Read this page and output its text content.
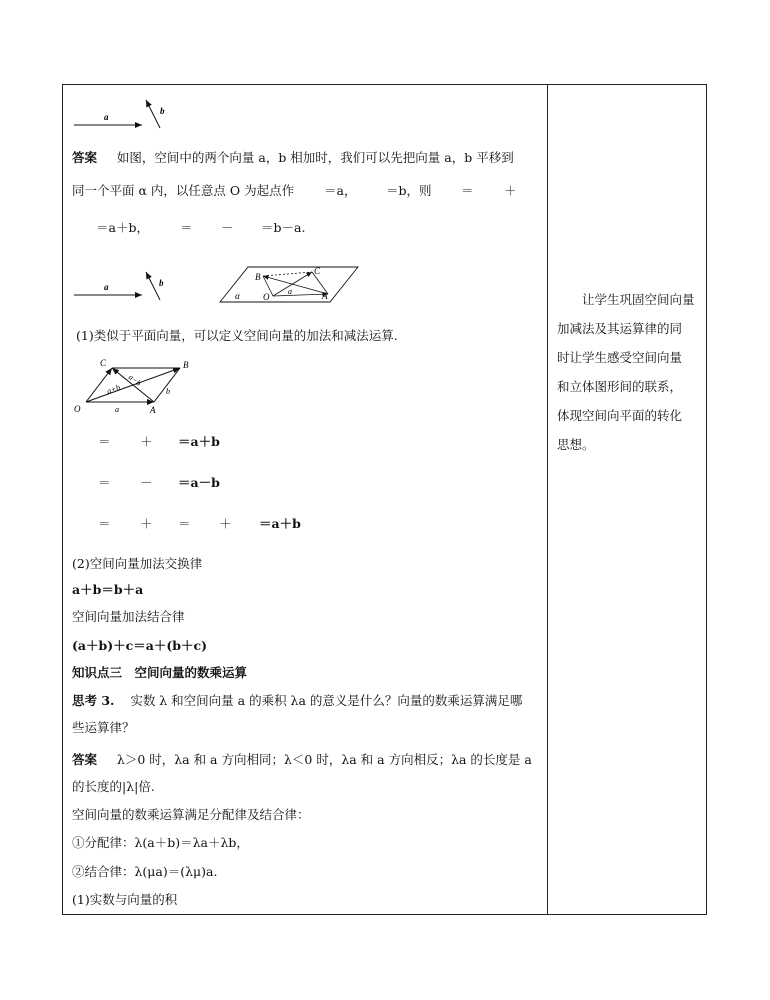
a
b
答案 如图，空间中的两个向量 a，b 相加时，我们可以先把向量 a，b 平移到
同一个平面 α 内，以任意点 O 为起点作 ＝a， ＝b，则 ＝ ＋
＝a＋b， ＝ － ＝b－a.
a	b
B
C
O	A
α	a
(1)类似于平面向量，可以定义空间向量的加法和减法运算.
O	A
B
C
a
b
a+b
a−b
＝ ＋ ＝a＋b
＝ － ＝a－b
＝ ＋ ＝ ＋ ＝a＋b
(2)空间向量加法交换律
a＋b＝b＋a
空间向量加法结合律
(a＋b)＋c＝a＋(b＋c)
知识点三　空间向量的数乘运算
思考 3. 实数 λ 和空间向量 a 的乘积 λa 的意义是什么？向量的数乘运算满足哪
些运算律？
答案 λ＞0 时，λa 和 a 方向相同；λ＜0 时，λa 和 a 方向相反；λa 的长度是 a
的长度的|λ|倍.
空间向量的数乘运算满足分配律及结合律：
①分配律：λ(a＋b)＝λa＋λb，
②结合律：λ(μa)＝(λμ)a.
(1)实数与向量的积

　　让学生巩固空间向量

加减法及其运算律的同

时让学生感受空间向量

和立体图形间的联系，

体现空间向平面的转化

思想。
